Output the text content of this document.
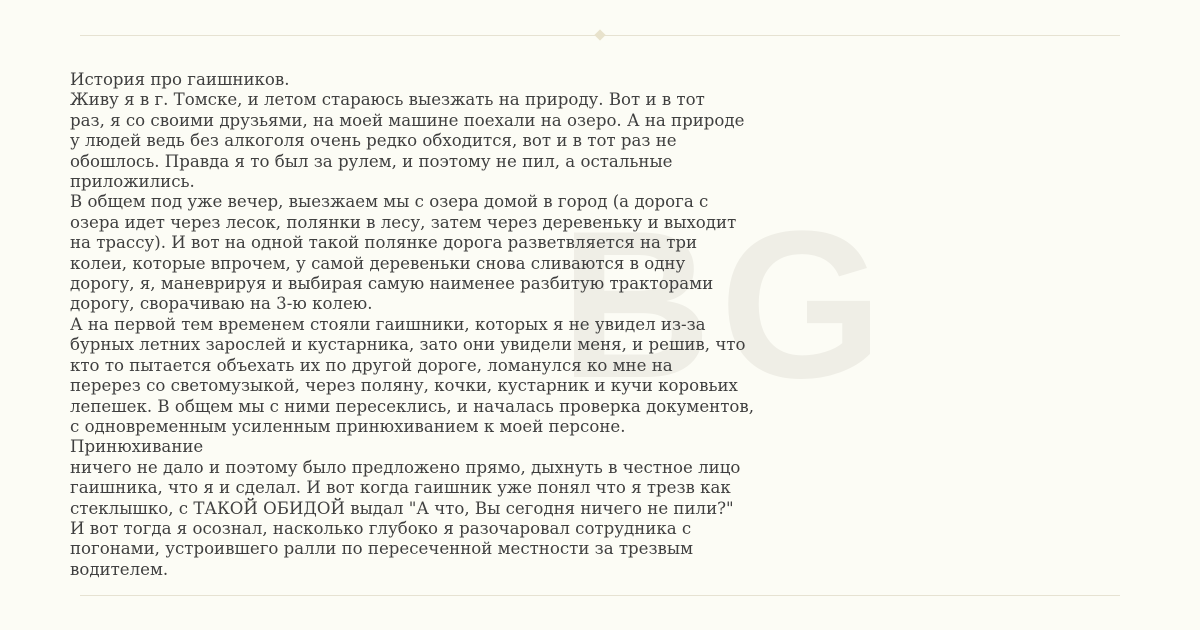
BG

История про гаишников.

Живу я в г. Томске, и летом стараюсь выезжать на природу. Вот и в тот
раз, я со своими друзьями, на моей машине поехали на озеро. А на природе
у людей ведь без алкоголя очень редко обходится, вот и в тот раз не
обошлось. Правда я то был за рулем, и поэтому не пил, а остальные
приложились.

В общем под уже вечер, выезжаем мы с озера домой в город (а дорога с
озера идет через лесок, полянки в лесу, затем через деревеньку и выходит
на трассу). И вот на одной такой полянке дорога разветвляется на три
колеи, которые впрочем, у самой деревеньки снова сливаются в одну
дорогу, я, маневрируя и выбирая самую наименее разбитую тракторами
дорогу, сворачиваю на 3-ю колею.

А на первой тем временем стояли гаишники, которых я не увидел из-за
бурных летних зарослей и кустарника, зато они увидели меня, и решив, что
кто то пытается объехать их по другой дороге, ломанулся ко мне на
перерез со светомузыкой, через поляну, кочки, кустарник и кучи коровьих
лепешек. В общем мы с ними пересеклись, и началась проверка документов,
с одновременным усиленным принюхиванием к моей персоне. Принюхивание
ничего не дало и поэтому было предложено прямо, дыхнуть в честное лицо
гаишника, что я и сделал. И вот когда гаишник уже понял что я трезв как
стеклышко, с ТАКОЙ ОБИДОЙ выдал "А что, Вы сегодня ничего не пили?"

И вот тогда я осознал, насколько глубоко я разочаровал сотрудника с
погонами, устроившего ралли по пересеченной местности за трезвым
водителем.
